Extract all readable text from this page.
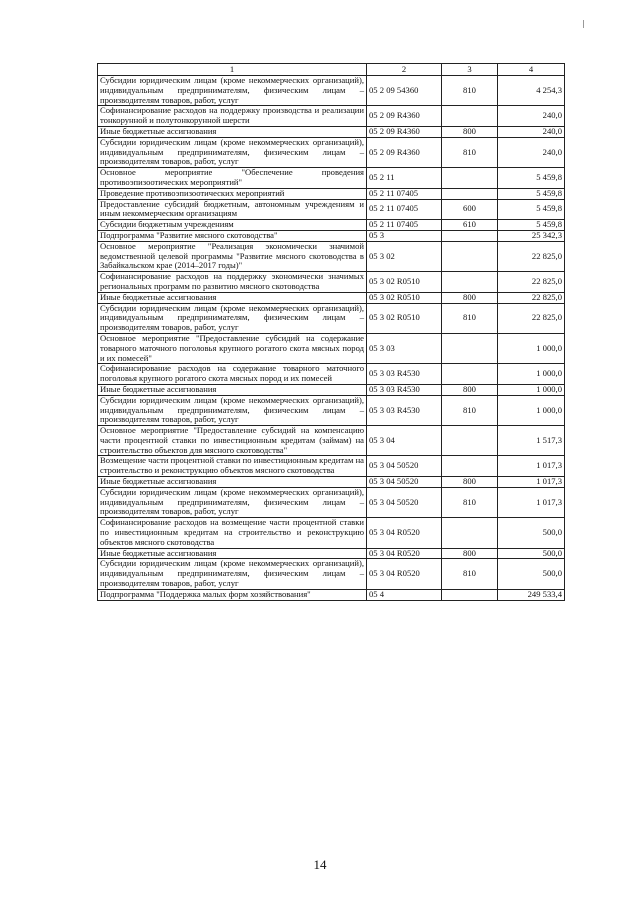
1	2	3	4
Субсидии юридическим лицам (кроме некоммерческих организаций), индивидуальным предпринимателям, физическим лицам – производителям товаров, работ, услуг	05 2 09 54360	810	4 254,3
Софинансирование расходов на поддержку производства и реализации тонкорунной и полутонкорунной шерсти	05 2 09 R4360		240,0
Иные бюджетные ассигнования	05 2 09 R4360	800	240,0
Субсидии юридическим лицам (кроме некоммерческих организаций), индивидуальным предпринимателям, физическим лицам – производителям товаров, работ, услуг	05 2 09 R4360	810	240,0
Основное мероприятие "Обеспечение проведения противоэпизоотических мероприятий"	05 2 11		5 459,8
Проведение противоэпизоотических мероприятий	05 2 11 07405		5 459,8
Предоставление субсидий бюджетным, автономным учреждениям и иным некоммерческим организациям	05 2 11 07405	600	5 459,8
Субсидии бюджетным учреждениям	05 2 11 07405	610	5 459,8
Подпрограмма "Развитие мясного скотоводства"	05 3		25 342,3
Основное мероприятие "Реализация экономически значимой ведомственной целевой программы "Развитие мясного скотоводства в Забайкальском крае (2014–2017 годы)"	05 3 02		22 825,0
Софинансирование расходов на поддержку экономически значимых региональных программ по развитию мясного скотоводства	05 3 02 R0510		22 825,0
Иные бюджетные ассигнования	05 3 02 R0510	800	22 825,0
Субсидии юридическим лицам (кроме некоммерческих организаций), индивидуальным предпринимателям, физическим лицам – производителям товаров, работ, услуг	05 3 02 R0510	810	22 825,0
Основное мероприятие "Предоставление субсидий на содержание товарного маточного поголовья крупного рогатого скота мясных пород и их помесей"	05 3 03		1 000,0
Софинансирование расходов на содержание товарного маточного поголовья крупного рогатого скота мясных пород и их помесей	05 3 03 R4530		1 000,0
Иные бюджетные ассигнования	05 3 03 R4530	800	1 000,0
Субсидии юридическим лицам (кроме некоммерческих организаций), индивидуальным предпринимателям, физическим лицам – производителям товаров, работ, услуг	05 3 03 R4530	810	1 000,0
Основное мероприятие "Предоставление субсидий на компенсацию части процентной ставки по инвестиционным кредитам (займам) на строительство объектов для мясного скотоводства"	05 3 04		1 517,3
Возмещение части процентной ставки по инвестиционным кредитам на строительство и реконструкцию объектов мясного скотоводства	05 3 04 50520		1 017,3
Иные бюджетные ассигнования	05 3 04 50520	800	1 017,3
Субсидии юридическим лицам (кроме некоммерческих организаций), индивидуальным предпринимателям, физическим лицам – производителям товаров, работ, услуг	05 3 04 50520	810	1 017,3
Софинансирование расходов на возмещение части процентной ставки по инвестиционным кредитам на строительство и реконструкцию объектов мясного скотоводства	05 3 04 R0520		500,0
Иные бюджетные ассигнования	05 3 04 R0520	800	500,0
Субсидии юридическим лицам (кроме некоммерческих организаций), индивидуальным предпринимателям, физическим лицам – производителям товаров, работ, услуг	05 3 04 R0520	810	500,0
Подпрограмма "Поддержка малых форм хозяйствования"	05 4		249 533,4
14
